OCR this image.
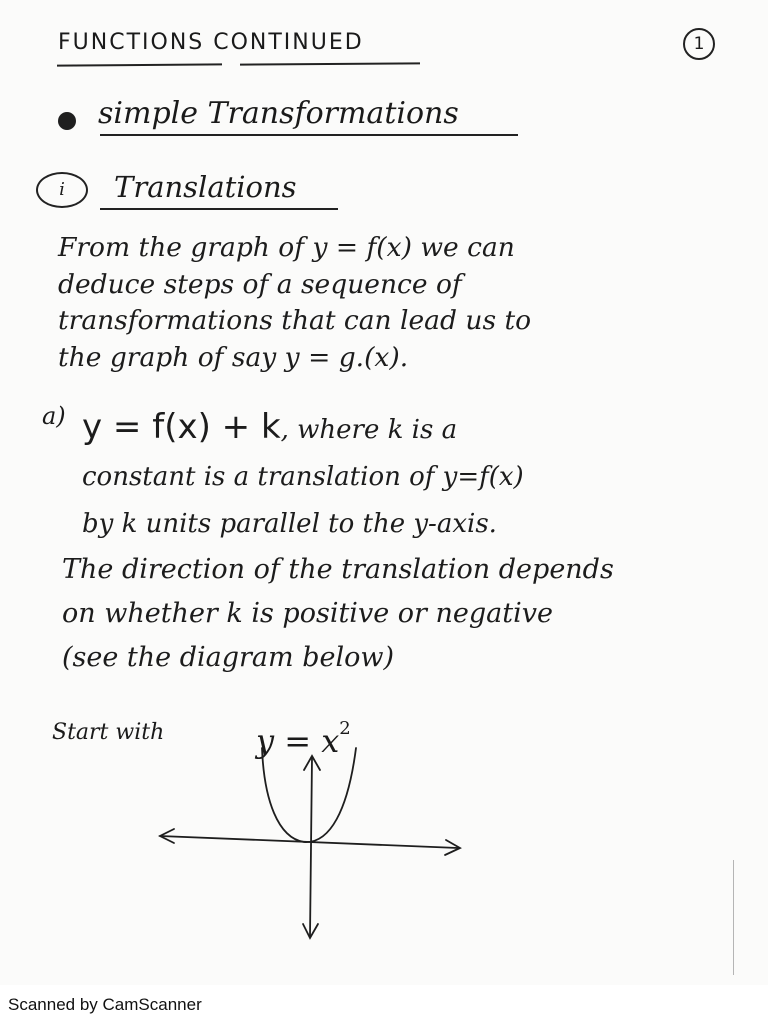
FUNCTIONS CONTINUED	1
simple Transformations
i	Translations
From the graph of y = f(x) we can
deduce steps of a sequence of
transformations that can lead us to
the graph of say y = g.(x).
a) y = f(x) + k, where k is a
constant is a translation of y=f(x)
by k units parallel to the y-axis.
The direction of the translation depends
on whether k is positive or negative
(see the diagram below)
Start with	$y = x^2$
Scanned by CamScanner
